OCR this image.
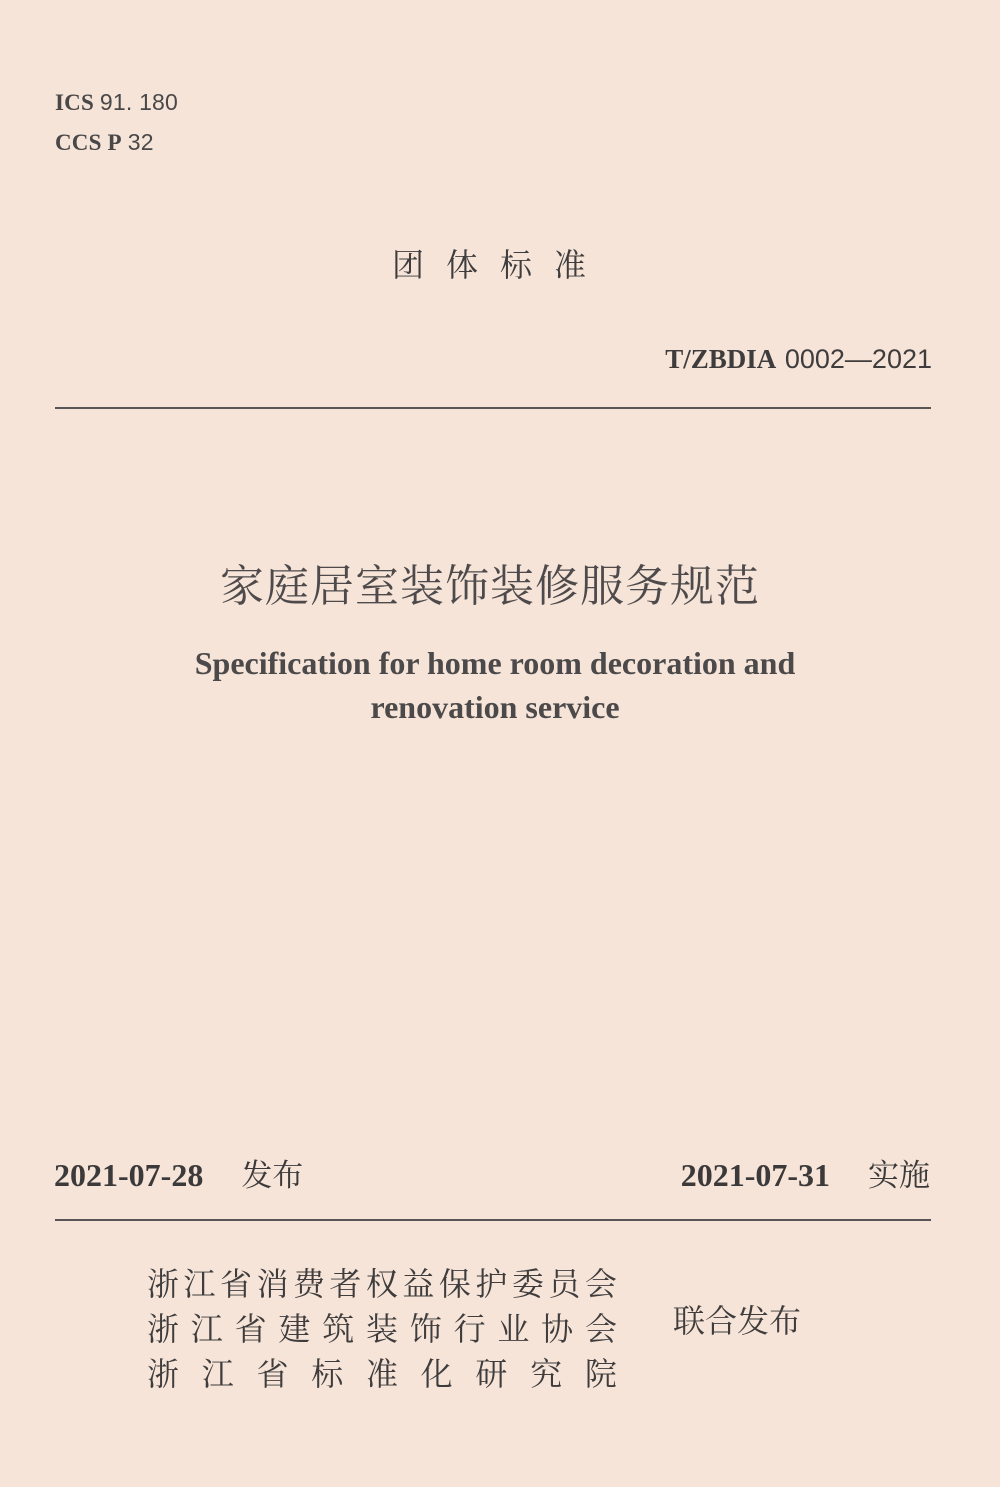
ICS 91. 180
CCS P 32
团体标准
T/ZBDIA 0002—2021
家庭居室装饰装修服务规范
Specification for home room decoration and
renovation service
2021-07-28 发布	2021-07-31 实施
浙 江 省 消 费 者 权 益 保 护 委 员 会
浙 江 省 建 筑 装 饰 行 业 协 会
浙 江 省 标 准 化 研 究 院
联合发布
